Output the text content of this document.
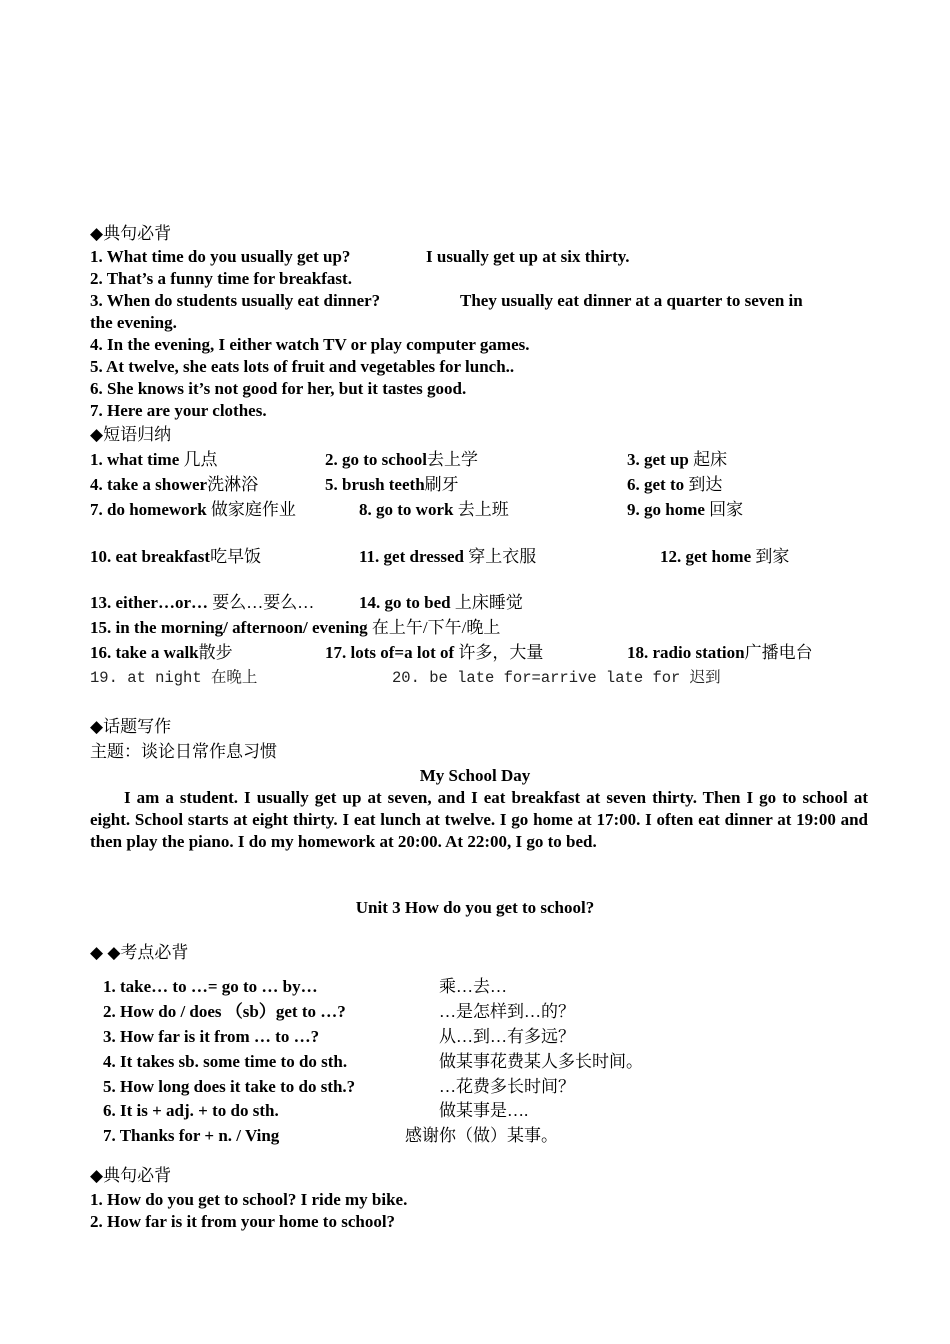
◆典句必背
1. What time do you usually get up?	I usually get up at six thirty.
2. That’s a funny time for breakfast.
3. When do students usually eat dinner?	They usually eat dinner at a quarter to seven in
the evening.
4. In the evening, I either watch TV or play computer games.
5. At twelve, she eats lots of fruit and vegetables for lunch..
6. She knows it’s not good for her, but it tastes good.
7. Here are your clothes.
◆短语归纳
1. what time 几点	2. go to school去上学	3. get up 起床
4. take a shower洗淋浴	5. brush teeth刷牙	6. get to 到达
7. do homework 做家庭作业	8. go to work 去上班	9. go home 回家
10. eat breakfast吃早饭	11. get dressed 穿上衣服	12. get home 到家
13. either…or… 要么…要么…	14. go to bed 上床睡觉
15. in the morning/ afternoon/ evening 在上午/下午/晚上
16. take a walk散步	17. lots of=a lot of 许多，大量	18. radio station广播电台
19. at night 在晚上	20. be late for=arrive late for 迟到
◆话题写作
主题：谈论日常作息习惯
My School Day
I am a student. I usually get up at seven, and I eat breakfast at seven thirty. Then I go to school at eight. School starts at eight thirty. I eat lunch at twelve. I go home at 17:00. I often eat dinner at 19:00 and then play the piano. I do my homework at 20:00. At 22:00, I go to bed.
Unit 3 How do you get to school?
◆ ◆考点必背
1. take… to …= go to … by…	乘…去…
2. How do / does （sb）get to …?	…是怎样到…的？
3. How far is it from … to …?	从…到…有多远？
4. It takes sb. some time to do sth.	做某事花费某人多长时间。
5. How long does it take to do sth.?	…花费多长时间？
6. It is + adj. + to do sth.	做某事是….
7. Thanks for + n. / Ving	感谢你（做）某事。
◆典句必背
1. How do you get to school? I ride my bike.
2. How far is it from your home to school?
